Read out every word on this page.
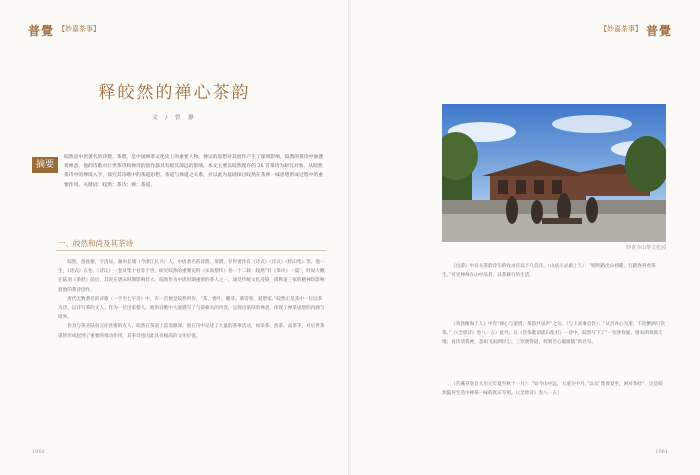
普覺 【妙嘉茶事】
释皎然的禅心茶韵
文 / 曾 静
摘要
皎然是中唐著名的诗僧、茶僧，是中国禅茶文化史上的重要人物。禅宗的思想对其创作产生了深刻影响，皎然的茶诗中渗透着禅意，他的诗歌对后世茶诗和禅诗的创作都具有极其深远的影响。本文主要以皎然现存的 26 首茶诗为研究对象，从皎然茶诗中的禅境入手，探究其诗歌中的茶道思想、茶道与禅道之关系，并以此为基础探讨皎然在茶禅一味思想形成过程中的重要作用。关键词：皎然；茶诗；禅；茶道。
一、皎然和尚及其茶诗

皎然，俗姓谢，字清昼，湖州长城（今浙江长兴）人，中唐著名的诗僧、茶僧，存世著作有《诗式》《诗议》《杼山集》等。他一生，《诗式》五卷、《诗议》一卷及集十卷等于世。研究皎然的重要史料《宋高僧传》卷一十二载：皎然“有《茶诀》一篇”，时间大概在陆羽《茶经》前后，其说在唐宋时期影响甚大。皎然作为中唐时期重要的茶人之一，深受传统文化浸染，儒释道三家的精神均影响着他的茶诗创作。

唐代无数著名的诗歌（一字至七字诗）中，有一首便是皎然所作，“茶，香叶，嫩芽。慕诗客，爱僧家。”皎然正是其中一位以茶为诗、以诗写茶的文人。作为一位出家僧人，他的诗歌中大量描写了与茶相关的内容，呈现出浓厚的禅意，体现了禅茶思想的内涵与境界。

作为与茶圣陆羽交往甚密的友人，皎然在茶道上造诣颇深。他在诗中记述了大量的茶事活动，如采茶、煎茶、品茶等，对后世茶道的形成起到了重要的推动作用，其茶诗也因此具有极高的文化价值。

1060
【妙嘉茶事】 普覺
1061
妙喜寺山茶文化园

《出游》中有关茶韵诗句的收录有以下几首诗。（山居示灵澈上人）：“晴明路出山初暖，行踏春苔看茶生。”可见禅师在山中品茗，以茶修行的生活。

《寄汤衡海上人》中有“禅心与道情，茶韵共泉声”之句。（与王录事会饮）：“从吾养心为道，不饮醉酒只饮茶。”（《全唐诗》卷八一五）此外，在《饮茶歌诮崔石使君》一诗中，皎然写下了“一饮涤昏寐，情来朗爽满天地；再饮清我神，忽如飞雨洒轻尘；三饮便得道，何须苦心破烦恼”的名句。

（苕溪草堂自大历元年夏至秋十一月）：“如今山中远，大道分中月。”以及“焚香宴坐，闲对茶经”，这是皎然隐居生活中禅茶一味的真实写照。（《全唐诗》卷八一五）
